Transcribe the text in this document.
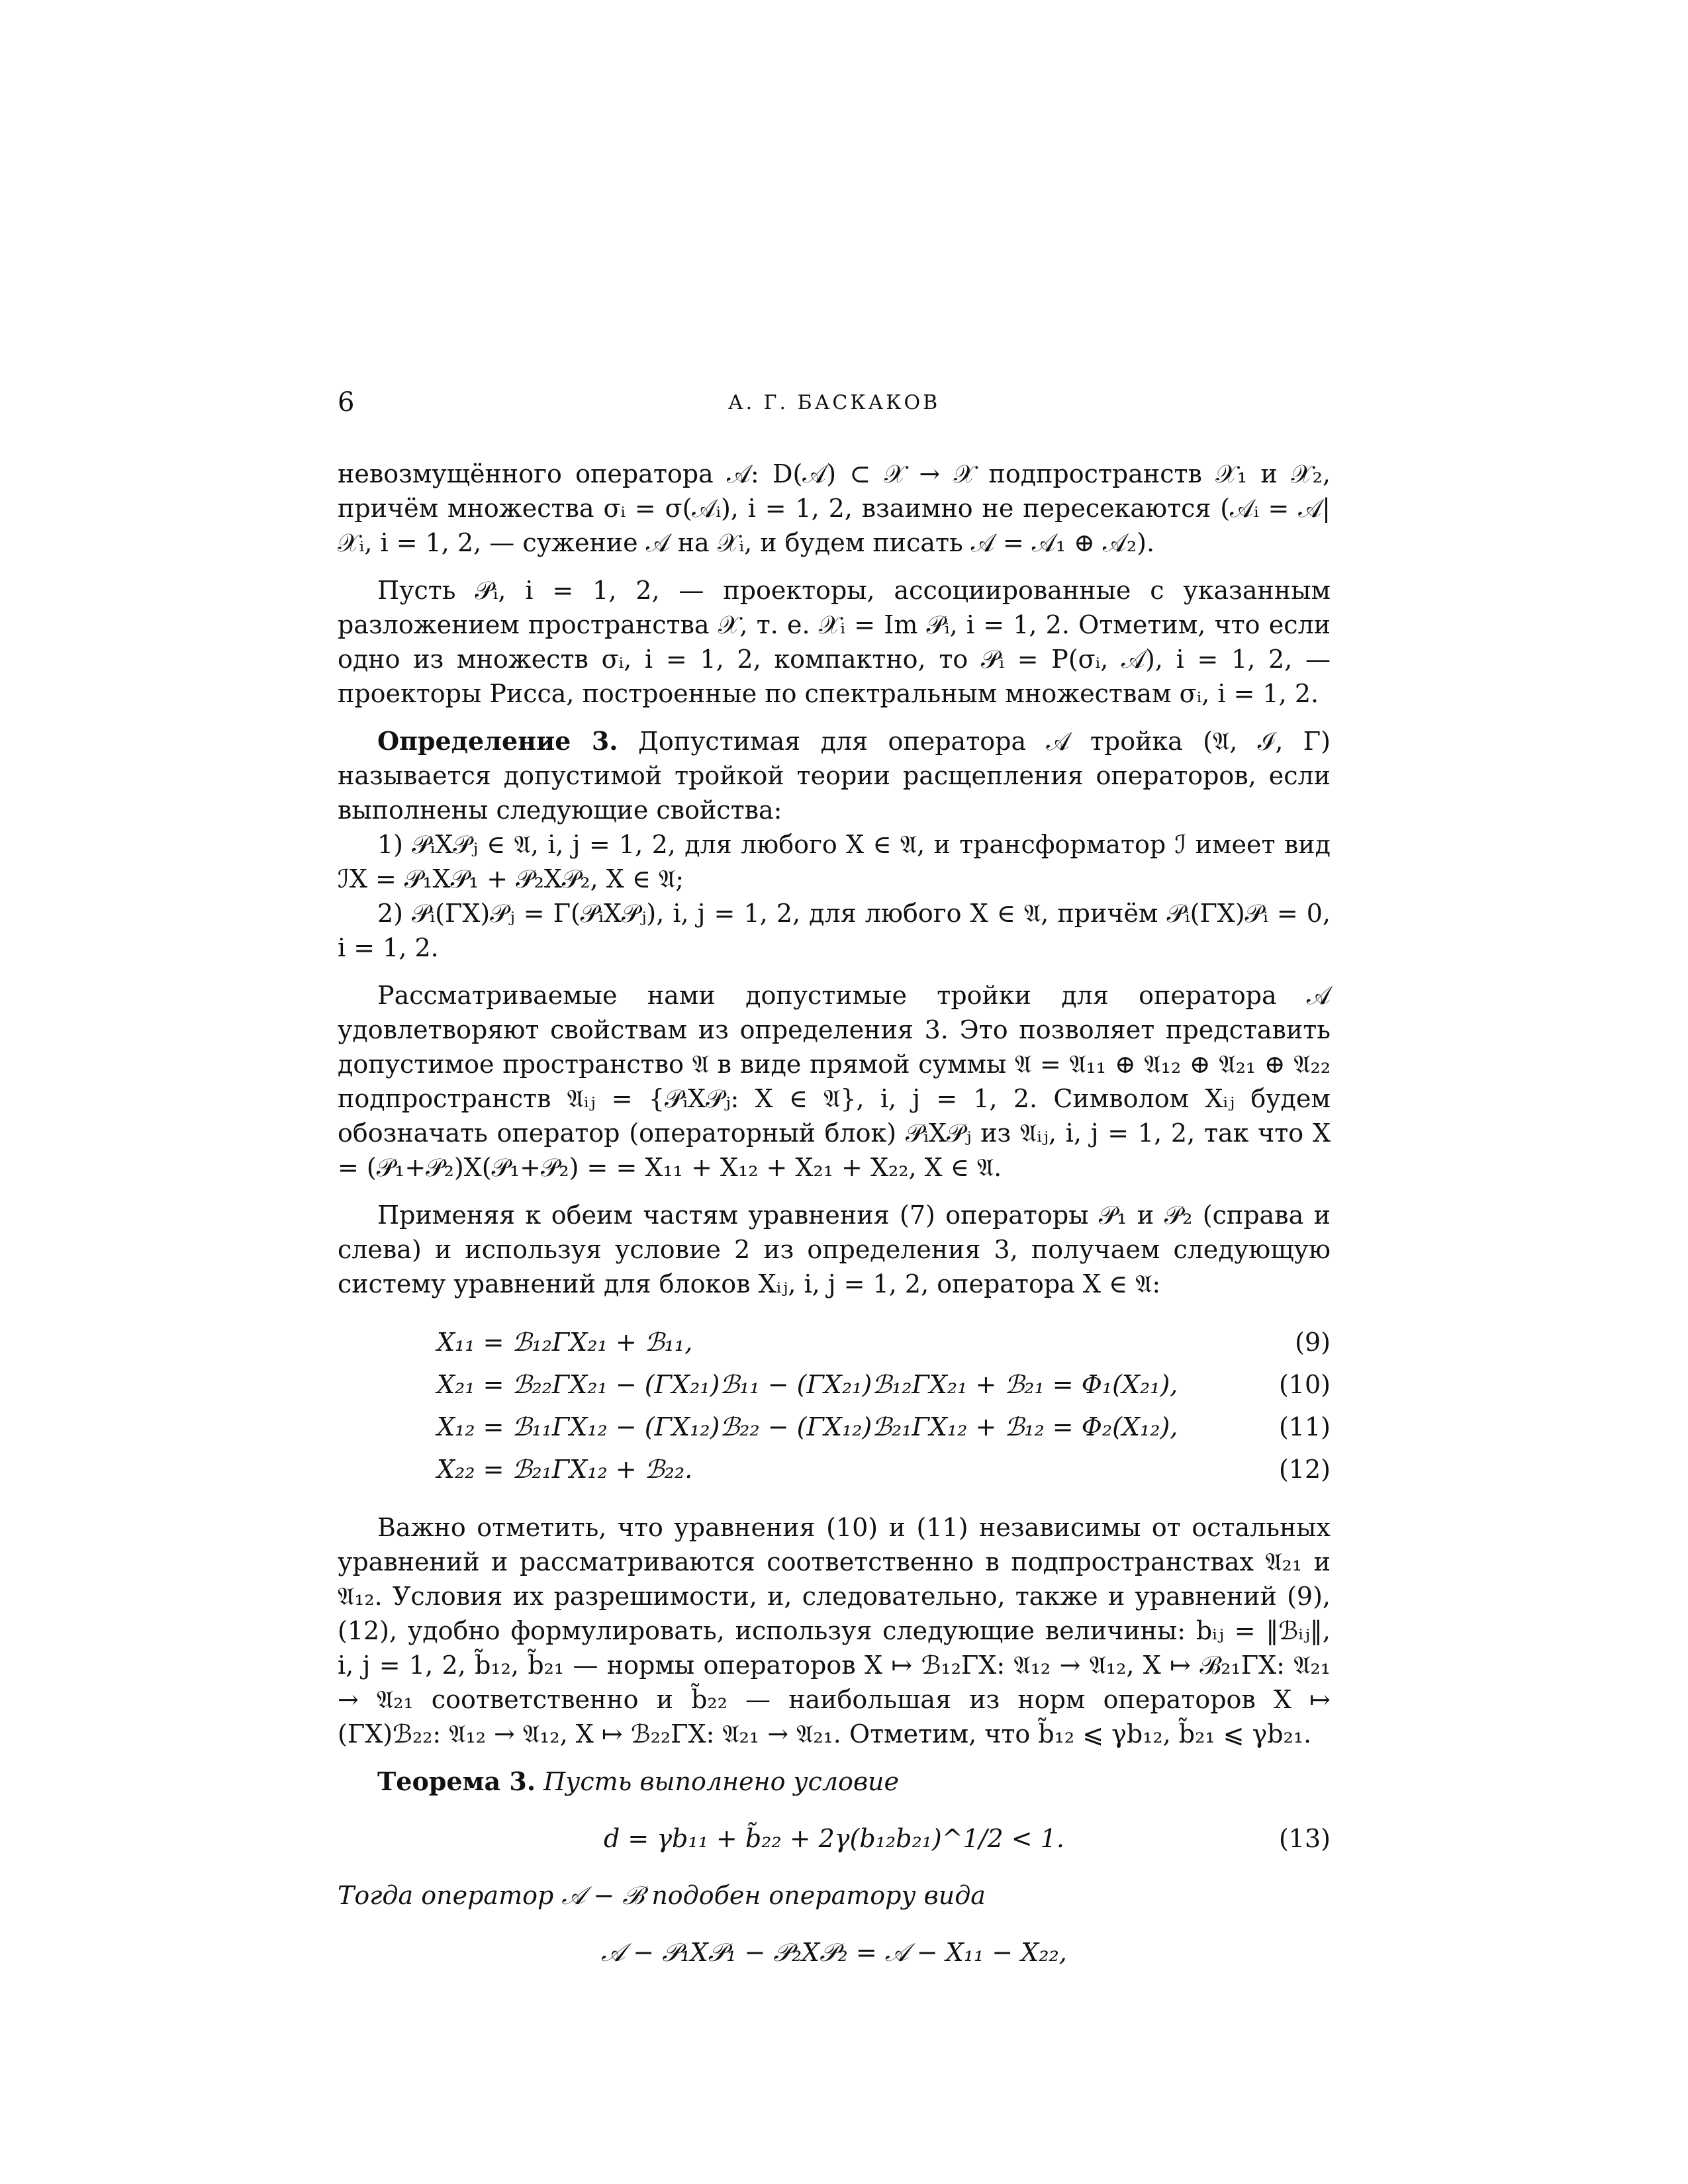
6	А. Г. БАСКАКОВ

невозмущённого оператора 𝒜: D(𝒜) ⊂ 𝒳 → 𝒳 подпространств 𝒳₁ и 𝒳₂, причём множества σᵢ = σ(𝒜ᵢ), i = 1, 2, взаимно не пересекаются (𝒜ᵢ = 𝒜|𝒳ᵢ, i = 1, 2, — сужение 𝒜 на 𝒳ᵢ, и будем писать 𝒜 = 𝒜₁ ⊕ 𝒜₂).

Пусть 𝒫ᵢ, i = 1, 2, — проекторы, ассоциированные с указанным разложением пространства 𝒳, т. е. 𝒳ᵢ = Im 𝒫ᵢ, i = 1, 2. Отметим, что если одно из множеств σᵢ, i = 1, 2, компактно, то 𝒫ᵢ = P(σᵢ, 𝒜), i = 1, 2, — проекторы Рисса, построенные по спектральным множествам σᵢ, i = 1, 2.

Определение 3. Допустимая для оператора 𝒜 тройка (𝔄, ℐ, Γ) называется допустимой тройкой теории расщепления операторов, если выполнены следующие свойства:

1) 𝒫ᵢX𝒫ⱼ ∈ 𝔄, i, j = 1, 2, для любого X ∈ 𝔄, и трансформатор ℐ имеет вид ℐX = 𝒫₁X𝒫₁ + 𝒫₂X𝒫₂, X ∈ 𝔄;

2) 𝒫ᵢ(ΓX)𝒫ⱼ = Γ(𝒫ᵢX𝒫ⱼ), i, j = 1, 2, для любого X ∈ 𝔄, причём 𝒫ᵢ(ΓX)𝒫ᵢ = 0, i = 1, 2.

Рассматриваемые нами допустимые тройки для оператора 𝒜 удовлетворяют свойствам из определения 3. Это позволяет представить допустимое пространство 𝔄 в виде прямой суммы 𝔄 = 𝔄₁₁ ⊕ 𝔄₁₂ ⊕ 𝔄₂₁ ⊕ 𝔄₂₂ подпространств 𝔄ᵢⱼ = {𝒫ᵢX𝒫ⱼ: X ∈ 𝔄}, i, j = 1, 2. Символом Xᵢⱼ будем обозначать оператор (операторный блок) 𝒫ᵢX𝒫ⱼ из 𝔄ᵢⱼ, i, j = 1, 2, так что X = (𝒫₁+𝒫₂)X(𝒫₁+𝒫₂) = = X₁₁ + X₁₂ + X₂₁ + X₂₂, X ∈ 𝔄.

Применяя к обеим частям уравнения (7) операторы 𝒫₁ и 𝒫₂ (справа и слева) и используя условие 2 из определения 3, получаем следующую систему уравнений для блоков Xᵢⱼ, i, j = 1, 2, оператора X ∈ 𝔄:

X₁₁ = ℬ₁₂ΓX₂₁ + ℬ₁₁,	(9)
X₂₁ = ℬ₂₂ΓX₂₁ − (ΓX₂₁)ℬ₁₁ − (ΓX₂₁)ℬ₁₂ΓX₂₁ + ℬ₂₁ = Φ₁(X₂₁),	(10)
X₁₂ = ℬ₁₁ΓX₁₂ − (ΓX₁₂)ℬ₂₂ − (ΓX₁₂)ℬ₂₁ΓX₁₂ + ℬ₁₂ = Φ₂(X₁₂),	(11)
X₂₂ = ℬ₂₁ΓX₁₂ + ℬ₂₂.	(12)

Важно отметить, что уравнения (10) и (11) независимы от остальных уравнений и рассматриваются соответственно в подпространствах 𝔄₂₁ и 𝔄₁₂. Условия их разрешимости, и, следовательно, также и уравнений (9), (12), удобно формулировать, используя следующие величины: bᵢⱼ = ‖ℬᵢⱼ‖, i, j = 1, 2, b̃₁₂, b̃₂₁ — нормы операторов X ↦ ℬ₁₂ΓX: 𝔄₁₂ → 𝔄₁₂, X ↦ ℬ₂₁ΓX: 𝔄₂₁ → 𝔄₂₁ соответственно и b̃₂₂ — наибольшая из норм операторов X ↦ (ΓX)ℬ₂₂: 𝔄₁₂ → 𝔄₁₂, X ↦ ℬ₂₂ΓX: 𝔄₂₁ → 𝔄₂₁. Отметим, что b̃₁₂ ⩽ γb₁₂, b̃₂₁ ⩽ γb₂₁.

Теорема 3. Пусть выполнено условие

d = γb₁₁ + b̃₂₂ + 2γ(b₁₂b₂₁)^1/2 < 1.	(13)

Тогда оператор 𝒜 − ℬ подобен оператору вида

𝒜 − 𝒫₁X𝒫₁ − 𝒫₂X𝒫₂ = 𝒜 − X₁₁ − X₂₂,
